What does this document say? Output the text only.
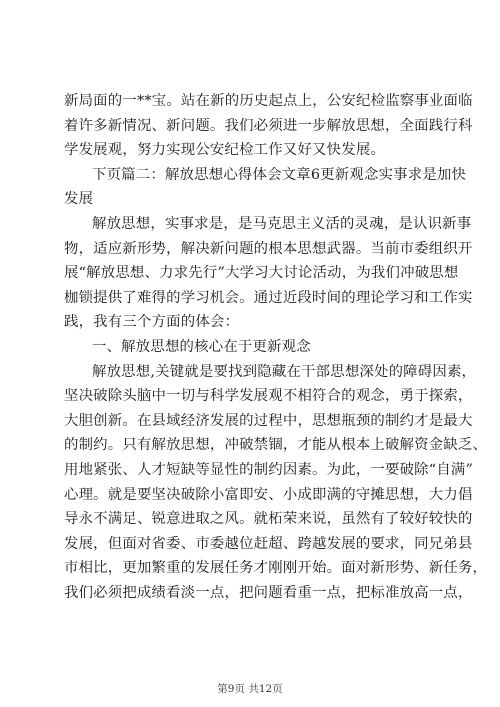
新局面的一**宝。站在新的历史起点上，公安纪检监察事业面临
着许多新情况、新问题。我们必须进一步解放思想，全面践行科
学发展观，努力实现公安纪检工作又好又快发展。
下页篇二：解放思想心得体会文章6更新观念实事求是加快
发展
解放思想，实事求是，是马克思主义活的灵魂，是认识新事
物，适应新形势，解决新问题的根本思想武器。当前市委组织开
展“解放思想、力求先行”大学习大讨论活动，为我们冲破思想
枷锁提供了难得的学习机会。通过近段时间的理论学习和工作实
践，我有三个方面的体会：
一、解放思想的核心在于更新观念
解放思想,关键就是要找到隐藏在干部思想深处的障碍因素，
坚决破除头脑中一切与科学发展观不相符合的观念，勇于探索，
大胆创新。在县域经济发展的过程中，思想瓶颈的制约才是最大
的制约。只有解放思想，冲破禁锢，才能从根本上破解资金缺乏、
用地紧张、人才短缺等显性的制约因素。为此，一要破除“自满”
心理。就是要坚决破除小富即安、小成即满的守摊思想，大力倡
导永不满足、锐意进取之风。就柘荣来说，虽然有了较好较快的
发展，但面对省委、市委越位赶超、跨越发展的要求，同兄弟县
市相比，更加繁重的发展任务才刚刚开始。面对新形势、新任务，
我们必须把成绩看淡一点，把问题看重一点，把标准放高一点，
第9页 共12页
